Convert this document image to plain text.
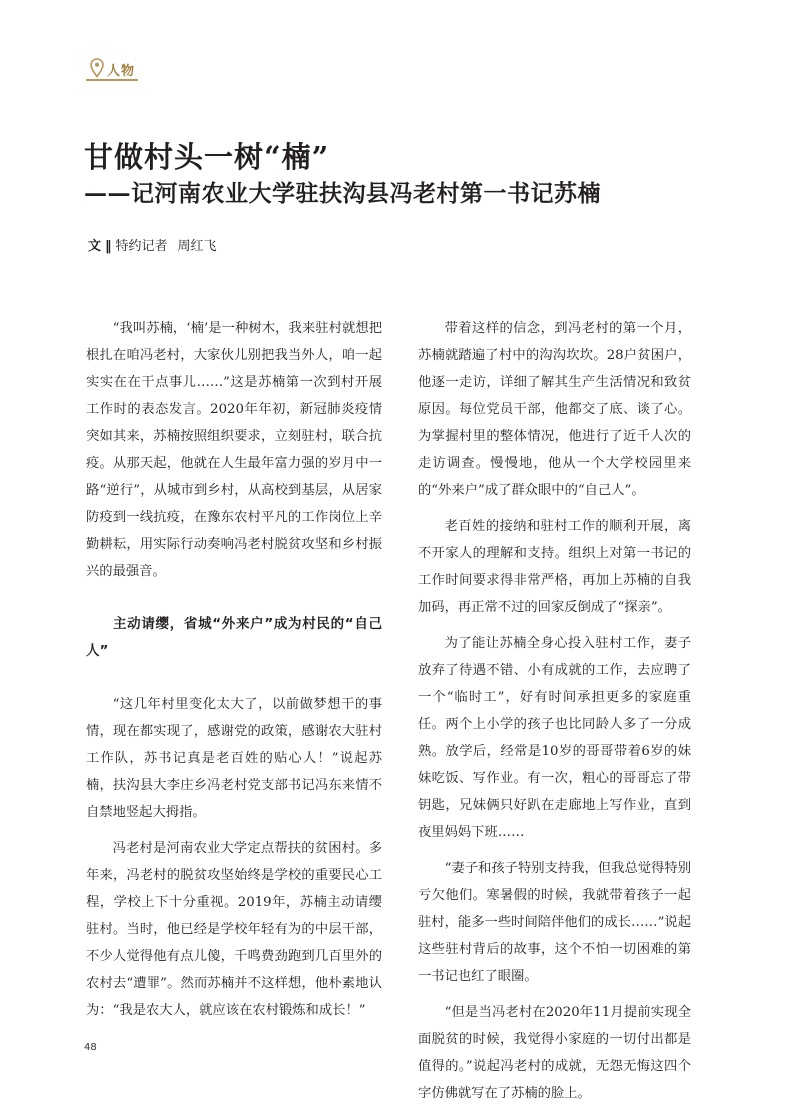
人物
甘做村头一树“楠”
——记河南农业大学驻扶沟县冯老村第一书记苏楠
文 ‖ 特约记者 周红飞

“我叫苏楠，‘楠’是一种树木，我来驻村就想把根扎在咱冯老村，大家伙儿别把我当外人，咱一起实实在在干点事儿……”这是苏楠第一次到村开展工作时的表态发言。2020年年初，新冠肺炎疫情突如其来，苏楠按照组织要求，立刻驻村，联合抗疫。从那天起，他就在人生最年富力强的岁月中一路“逆行”，从城市到乡村，从高校到基层，从居家防疫到一线抗疫，在豫东农村平凡的工作岗位上辛勤耕耘，用实际行动奏响冯老村脱贫攻坚和乡村振兴的最强音。

主动请缨，省城“外来户”成为村民的“自己人”

“这几年村里变化太大了，以前做梦想干的事情，现在都实现了，感谢党的政策，感谢农大驻村工作队，苏书记真是老百姓的贴心人！”说起苏楠，扶沟县大李庄乡冯老村党支部书记冯东来情不自禁地竖起大拇指。

冯老村是河南农业大学定点帮扶的贫困村。多年来，冯老村的脱贫攻坚始终是学校的重要民心工程，学校上下十分重视。2019年，苏楠主动请缨驻村。当时，他已经是学校年轻有为的中层干部，不少人觉得他有点儿傻，千鸣费劲跑到几百里外的农村去“遭罪”。然而苏楠并不这样想，他朴素地认为：“我是农大人，就应该在农村锻炼和成长！”

带着这样的信念，到冯老村的第一个月，苏楠就踏遍了村中的沟沟坎坎。28户贫困户，他逐一走访，详细了解其生产生活情况和致贫原因。每位党员干部，他都交了底、谈了心。为掌握村里的整体情况，他进行了近千人次的走访调查。慢慢地，他从一个大学校园里来的“外来户”成了群众眼中的“自己人”。

老百姓的接纳和驻村工作的顺利开展，离不开家人的理解和支持。组织上对第一书记的工作时间要求得非常严格，再加上苏楠的自我加码，再正常不过的回家反倒成了“探亲”。

为了能让苏楠全身心投入驻村工作，妻子放弃了待遇不错、小有成就的工作，去应聘了一个“临时工”，好有时间承担更多的家庭重任。两个上小学的孩子也比同龄人多了一分成熟。放学后，经常是10岁的哥哥带着6岁的妹妹吃饭、写作业。有一次，粗心的哥哥忘了带钥匙，兄妹俩只好趴在走廊地上写作业，直到夜里妈妈下班……

“妻子和孩子特别支持我，但我总觉得特别亏欠他们。寒暑假的时候，我就带着孩子一起驻村，能多一些时间陪伴他们的成长……”说起这些驻村背后的故事，这个不怕一切困难的第一书记也红了眼圈。

“但是当冯老村在2020年11月提前实现全面脱贫的时候，我觉得小家庭的一切付出都是值得的。”说起冯老村的成就，无怨无悔这四个字仿佛就写在了苏楠的脸上。

48
